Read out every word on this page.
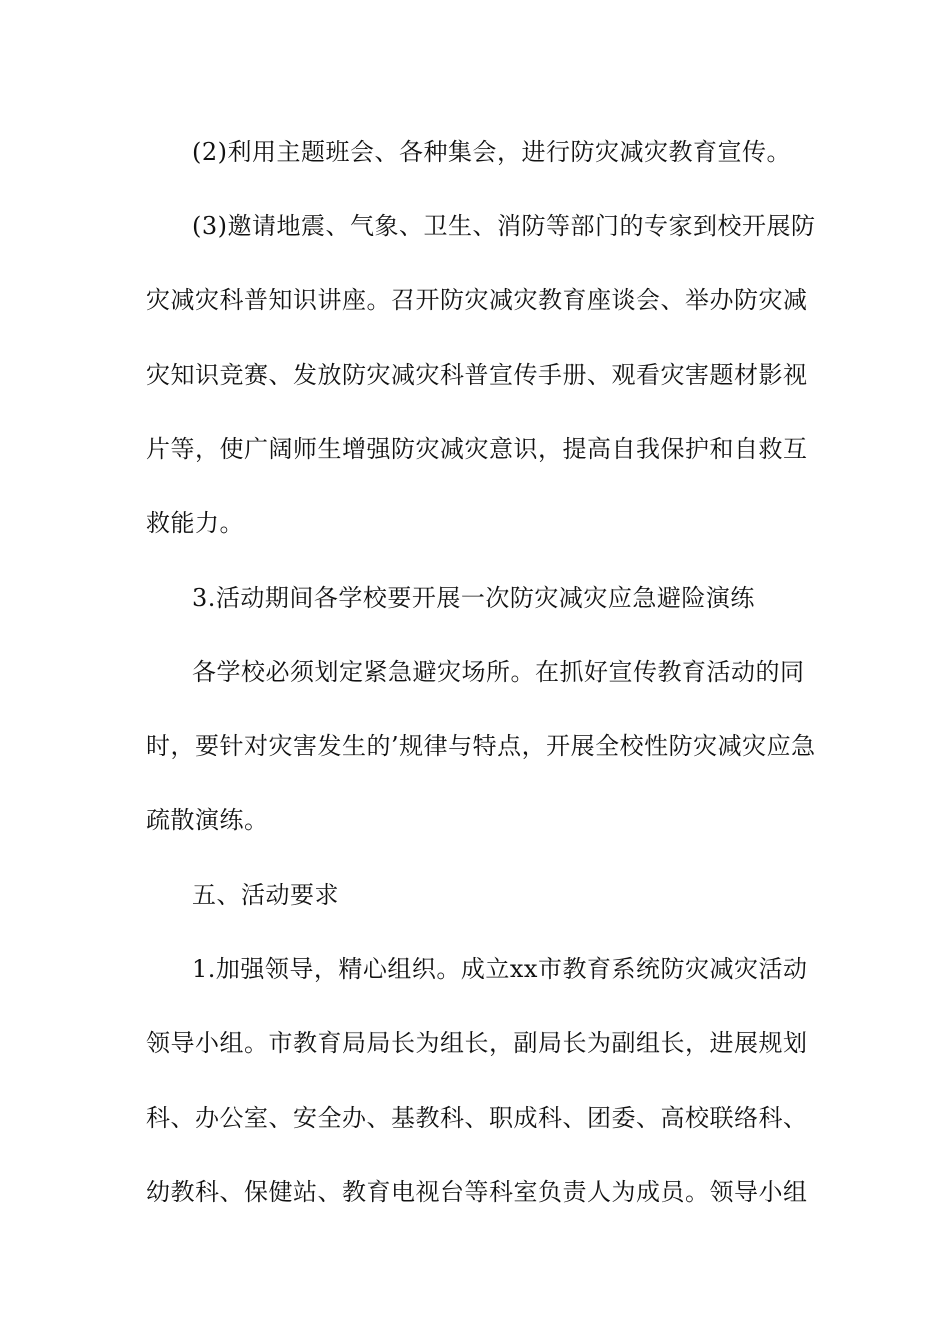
(2)利用主题班会、各种集会，进行防灾减灾教育宣传。
(3)邀请地震、气象、卫生、消防等部门的专家到校开展防
灾减灾科普知识讲座。召开防灾减灾教育座谈会、举办防灾减
灾知识竞赛、发放防灾减灾科普宣传手册、观看灾害题材影视
片等，使广阔师生增强防灾减灾意识，提高自我保护和自救互
救能力。
3.活动期间各学校要开展一次防灾减灾应急避险演练
各学校必须划定紧急避灾场所。在抓好宣传教育活动的同
时，要针对灾害发生的’规律与特点，开展全校性防灾减灾应急
疏散演练。
五、活动要求
1.加强领导，精心组织。成立xx市教育系统防灾减灾活动
领导小组。市教育局局长为组长，副局长为副组长，进展规划
科、办公室、安全办、基教科、职成科、团委、高校联络科、
幼教科、保健站、教育电视台等科室负责人为成员。领导小组
